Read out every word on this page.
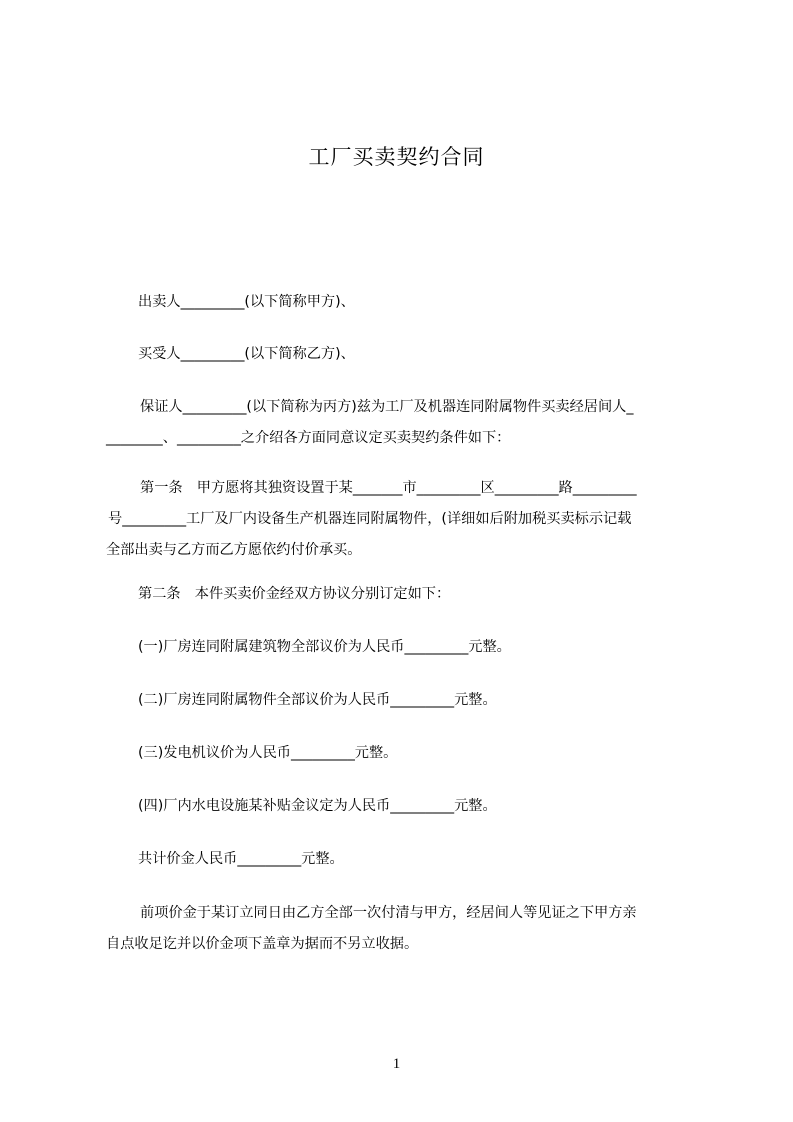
工厂买卖契约合同
出卖人_________(以下简称甲方)、
买受人_________(以下简称乙方)、
保证人_________(以下简称为丙方)兹为工厂及机器连同附属物件买卖经居间人_
________、_________之介绍各方面同意议定买卖契约条件如下：
第一条　甲方愿将其独资设置于某_______市_________区_________路_________
号_________工厂及厂内设备生产机器连同附属物件，(详细如后附加税买卖标示记载
全部出卖与乙方而乙方愿依约付价承买。
第二条　本件买卖价金经双方协议分别订定如下：
(一)厂房连同附属建筑物全部议价为人民币_________元整。
(二)厂房连同附属物件全部议价为人民币_________元整。
(三)发电机议价为人民币_________元整。
(四)厂内水电设施某补贴金议定为人民币_________元整。
共计价金人民币_________元整。
前项价金于某订立同日由乙方全部一次付清与甲方，经居间人等见证之下甲方亲
自点收足讫并以价金项下盖章为据而不另立收据。
1
